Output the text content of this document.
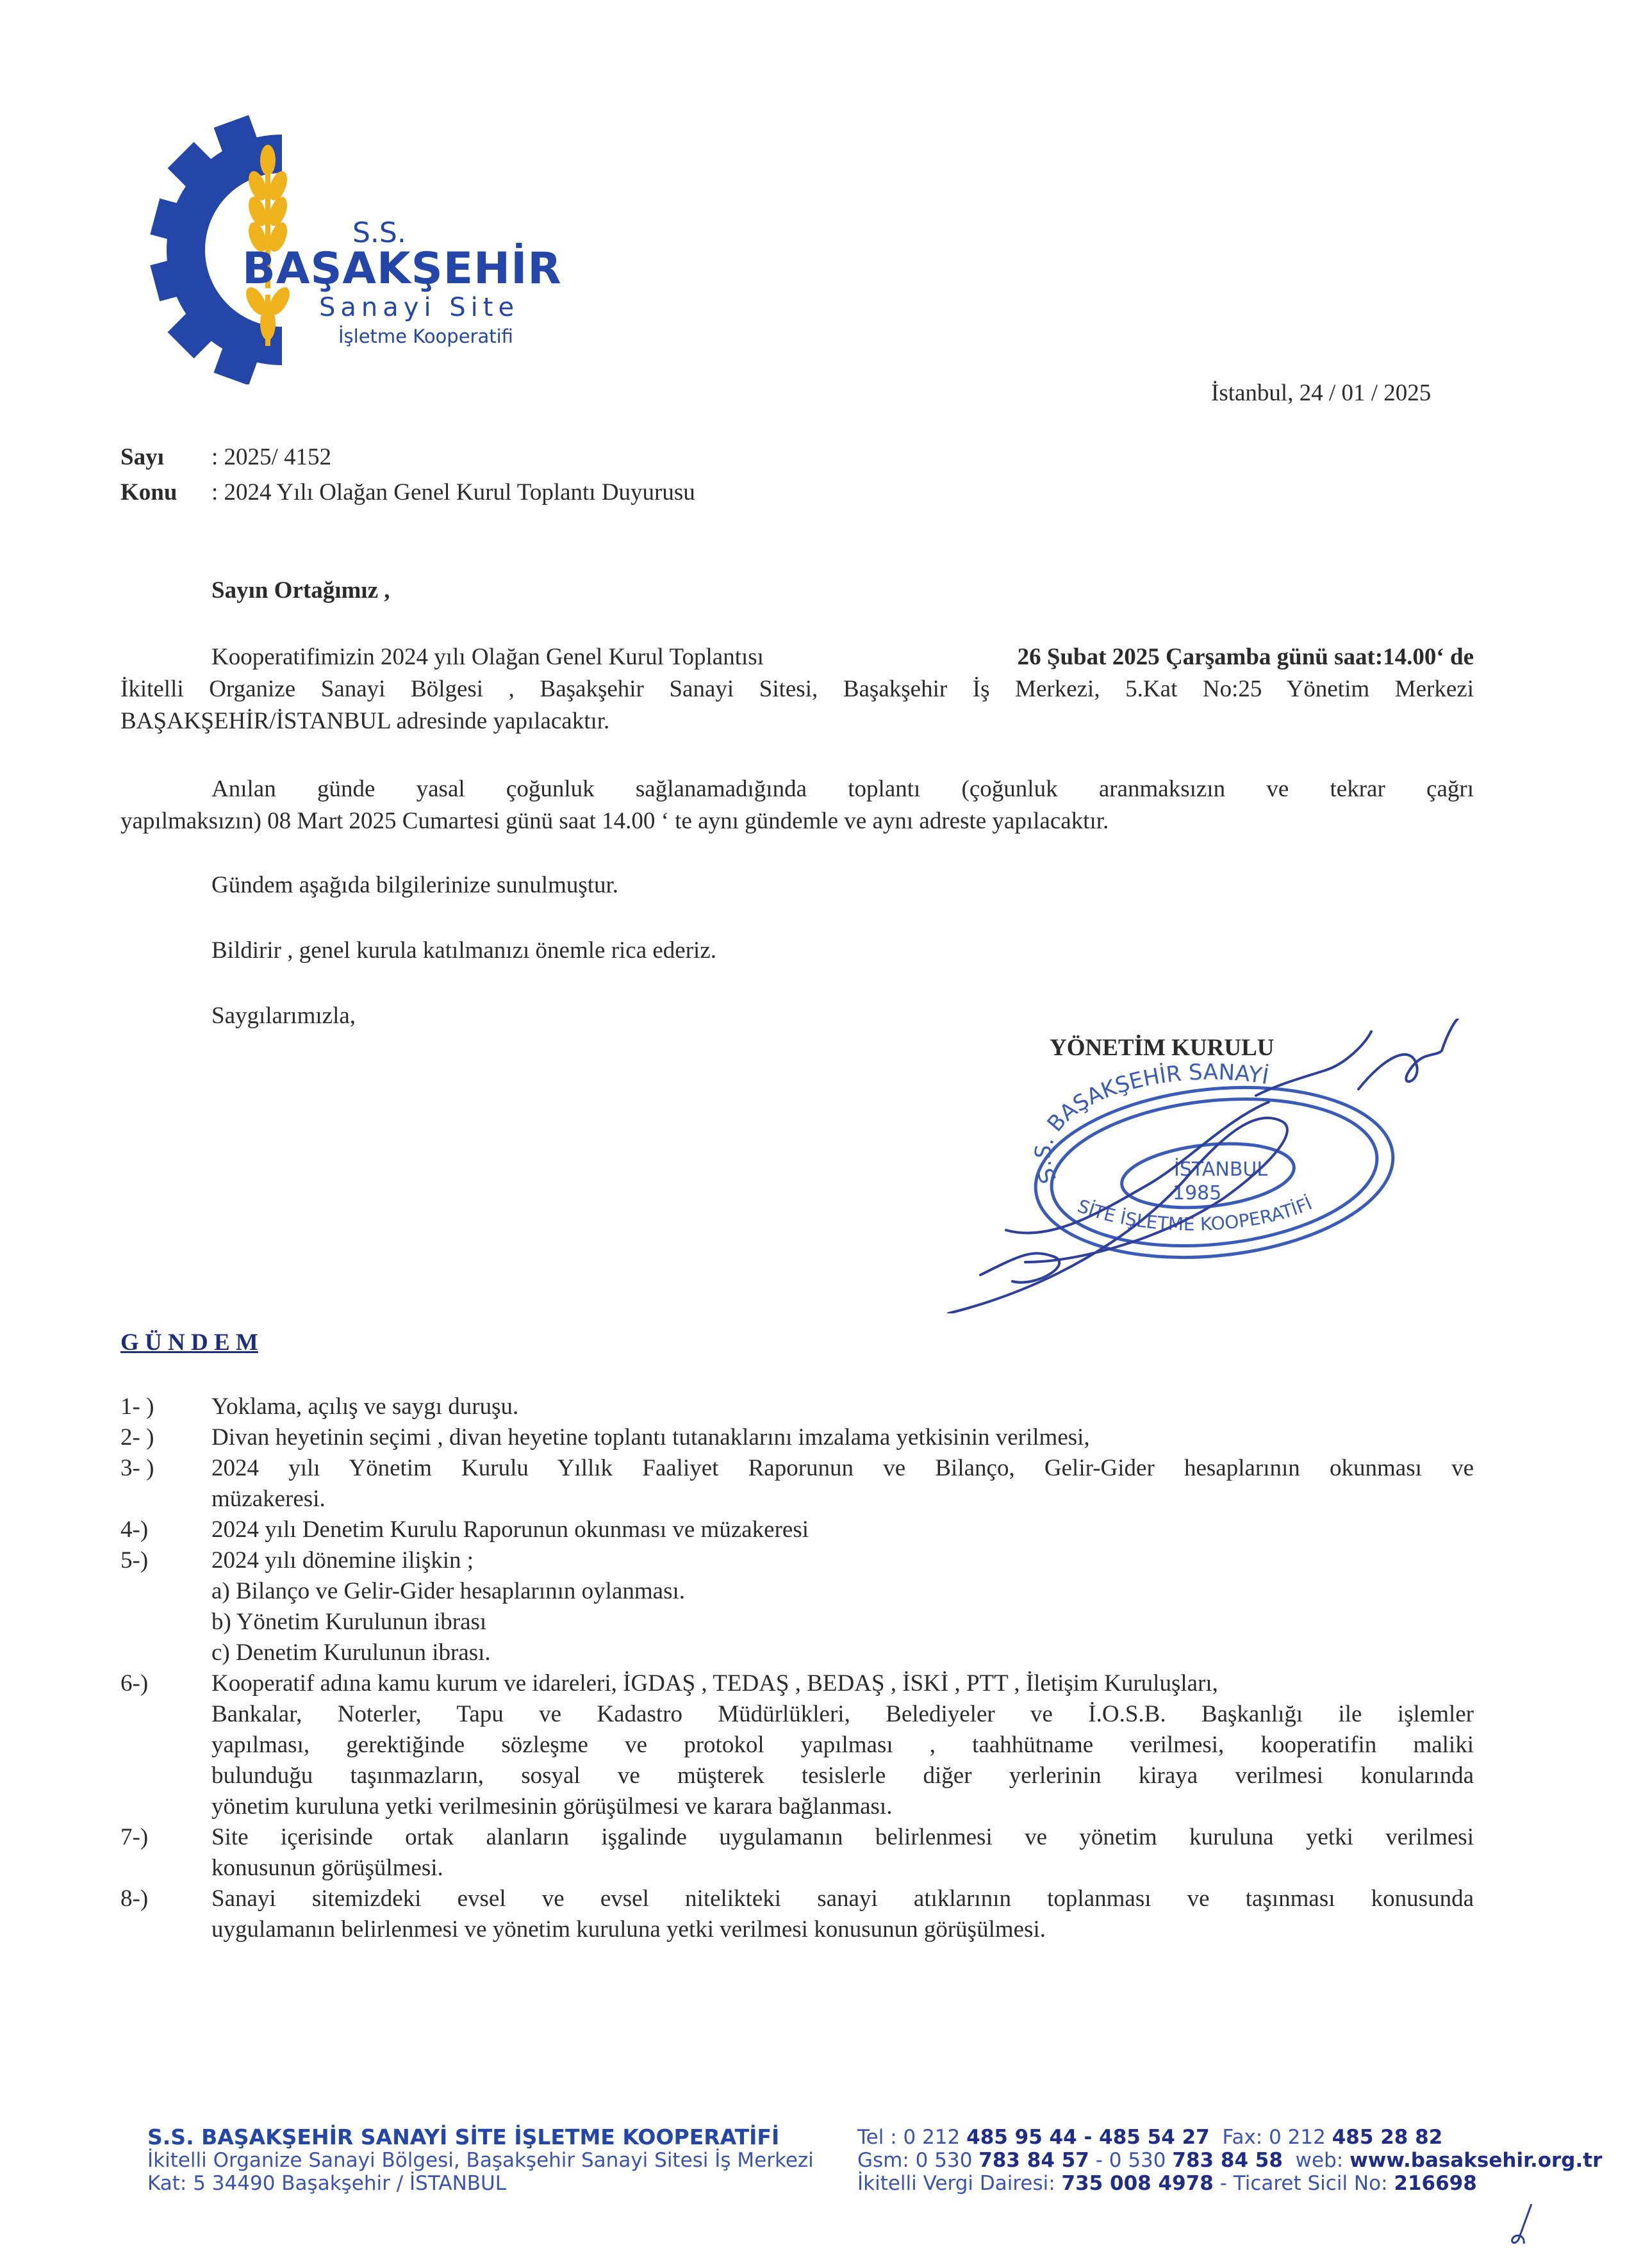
S.S.
BAŞAKŞEHİR
Sanayi Site
İşletme Kooperatifi
İstanbul, 24 / 01 / 2025
Sayı : 2025/ 4152
Konu : 2024 Yılı Olağan Genel Kurul Toplantı Duyurusu
Sayın Ortağımız ,
Kooperatifimizin 2024 yılı Olağan Genel Kurul Toplantısı	26 Şubat 2025 Çarşamba günü saat:14.00‘ de
İkitelli Organize Sanayi Bölgesi , Başakşehir Sanayi Sitesi, Başakşehir İş Merkezi, 5.Kat No:25 Yönetim Merkezi
BAŞAKŞEHİR/İSTANBUL adresinde yapılacaktır.
Anılan günde yasal çoğunluk sağlanamadığında toplantı (çoğunluk aranmaksızın ve tekrar çağrı
yapılmaksızın) 08 Mart 2025 Cumartesi günü saat 14.00 ‘ te aynı gündemle ve aynı adreste yapılacaktır.
Gündem aşağıda bilgilerinize sunulmuştur.
Bildirir , genel kurula katılmanızı önemle rica ederiz.
Saygılarımızla,
YÖNETİM KURULU
S.S. BAŞAKŞEHİR SANAYİ
SİTE İŞLETME KOOPERATİFİ
İSTANBUL
1985
G Ü N D E M
1- ) Yoklama, açılış ve saygı duruşu.
2- ) Divan heyetinin seçimi , divan heyetine toplantı tutanaklarını imzalama yetkisinin verilmesi,
3- ) 2024 yılı Yönetim Kurulu Yıllık Faaliyet Raporunun ve Bilanço, Gelir-Gider hesaplarının okunması ve
müzakeresi.
4-)	2024 yılı Denetim Kurulu Raporunun okunması ve müzakeresi
5-)	2024 yılı dönemine ilişkin ;
a) Bilanço ve Gelir-Gider hesaplarının oylanması.
b) Yönetim Kurulunun ibrası
c) Denetim Kurulunun ibrası.
6-)	Kooperatif adına kamu kurum ve idareleri, İGDAŞ , TEDAŞ , BEDAŞ , İSKİ , PTT , İletişim Kuruluşları,
Bankalar, Noterler, Tapu ve Kadastro Müdürlükleri, Belediyeler ve İ.O.S.B. Başkanlığı ile işlemler
yapılması, gerektiğinde sözleşme ve protokol yapılması , taahhütname verilmesi, kooperatifin maliki
bulunduğu taşınmazların, sosyal ve müşterek tesislerle diğer yerlerinin kiraya verilmesi konularında
yönetim kuruluna yetki verilmesinin görüşülmesi ve karara bağlanması.
7-)	Site içerisinde ortak alanların işgalinde uygulamanın belirlenmesi ve yönetim kuruluna yetki verilmesi
konusunun görüşülmesi.
8-)	Sanayi sitemizdeki evsel ve evsel nitelikteki sanayi atıklarının toplanması ve taşınması konusunda
uygulamanın belirlenmesi ve yönetim kuruluna yetki verilmesi konusunun görüşülmesi.
S.S. BAŞAKŞEHİR SANAYİ SİTE İŞLETME KOOPERATİFİ
İkitelli Organize Sanayi Bölgesi, Başakşehir Sanayi Sitesi İş Merkezi
Kat: 5 34490 Başakşehir / İSTANBUL
Tel : 0 212 485 95 44 - 485 54 27 Fax: 0 212 485 28 82
Gsm: 0 530 783 84 57 - 0 530 783 84 58 web: www.basaksehir.org.tr
İkitelli Vergi Dairesi: 735 008 4978 - Ticaret Sicil No: 216698
